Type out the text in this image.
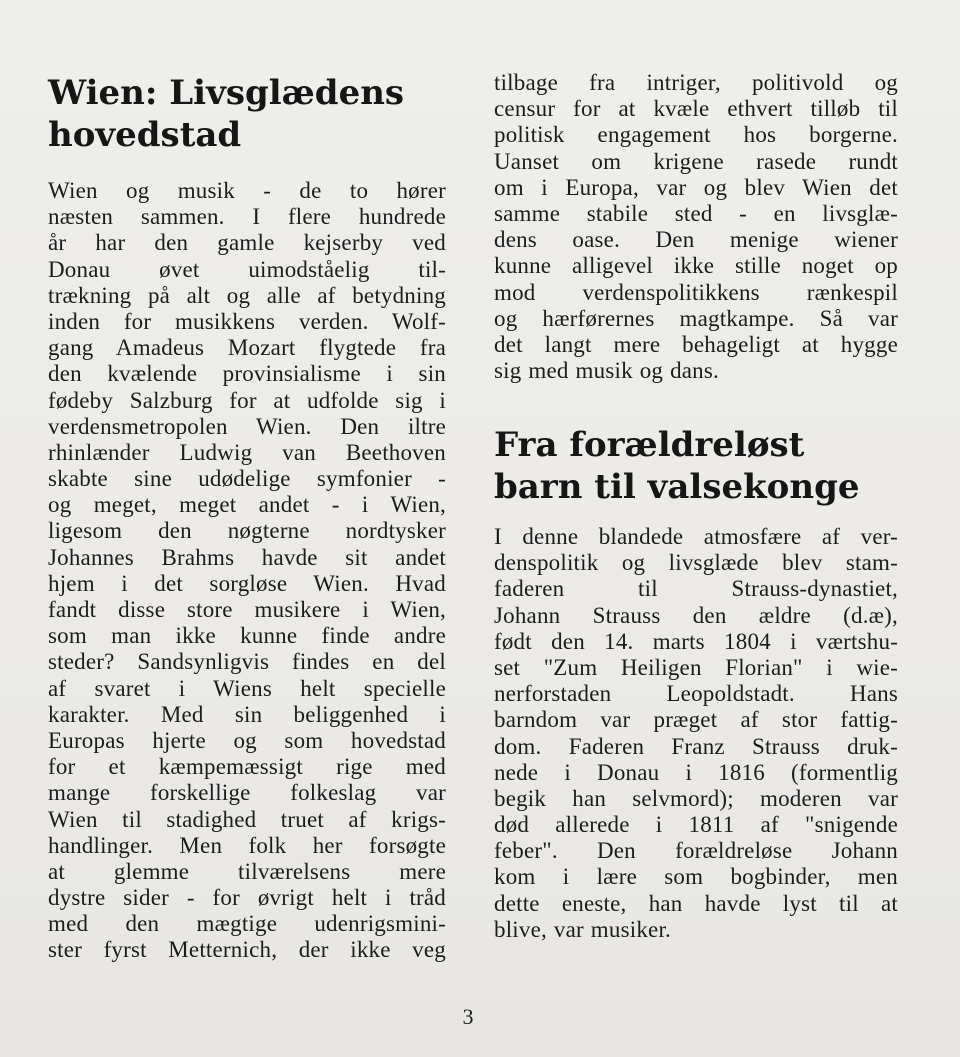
Wien: Livsglædens
hovedstad
Wien og musik - de to hører
næsten sammen. I flere hundrede
år har den gamle kejserby ved
Donau øvet uimodståelig til-
trækning på alt og alle af betydning
inden for musikkens verden. Wolf-
gang Amadeus Mozart flygtede fra
den kvælende provinsialisme i sin
fødeby Salzburg for at udfolde sig i
verdensmetropolen Wien. Den iltre
rhinlænder Ludwig van Beethoven
skabte sine udødelige symfonier -
og meget, meget andet - i Wien,
ligesom den nøgterne nordtysker
Johannes Brahms havde sit andet
hjem i det sorgløse Wien. Hvad
fandt disse store musikere i Wien,
som man ikke kunne finde andre
steder? Sandsynligvis findes en del
af svaret i Wiens helt specielle
karakter. Med sin beliggenhed i
Europas hjerte og som hovedstad
for et kæmpemæssigt rige med
mange forskellige folkeslag var
Wien til stadighed truet af krigs-
handlinger. Men folk her forsøgte
at glemme tilværelsens mere
dystre sider - for øvrigt helt i tråd
med den mægtige udenrigsmini-
ster fyrst Metternich, der ikke veg
tilbage fra intriger, politivold og
censur for at kvæle ethvert tilløb til
politisk engagement hos borgerne.
Uanset om krigene rasede rundt
om i Europa, var og blev Wien det
samme stabile sted - en livsglæ-
dens oase. Den menige wiener
kunne alligevel ikke stille noget op
mod verdenspolitikkens rænkespil
og hærførernes magtkampe. Så var
det langt mere behageligt at hygge
sig med musik og dans.
Fra forældreløst
barn til valsekonge
I denne blandede atmosfære af ver-
denspolitik og livsglæde blev stam-
faderen til Strauss-dynastiet,
Johann Strauss den ældre (d.æ),
født den 14. marts 1804 i værtshu-
set "Zum Heiligen Florian" i wie-
nerforstaden Leopoldstadt. Hans
barndom var præget af stor fattig-
dom. Faderen Franz Strauss druk-
nede i Donau i 1816 (formentlig
begik han selvmord); moderen var
død allerede i 1811 af "snigende
feber". Den forældreløse Johann
kom i lære som bogbinder, men
dette eneste, han havde lyst til at
blive, var musiker.
3
